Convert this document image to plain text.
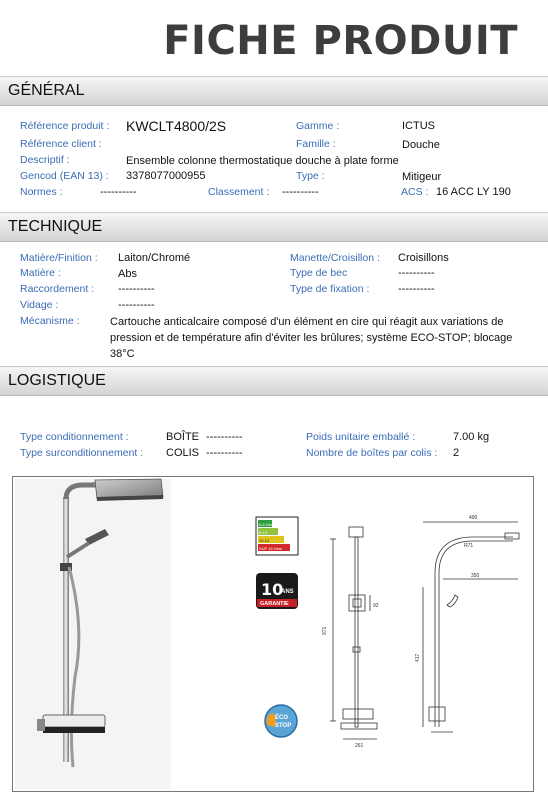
FICHE PRODUIT
GÉNÉRAL
Référence produit : KWCLT4800/2S	Gamme :	ICTUS
Référence client :	Famille :	Douche
Descriptif :	Ensemble colonne thermostatique douche à plate forme
Gencod (EAN 13) : 3378077000955	Type :	Mitigeur
Normes :	----------	Classement : ----------	ACS : 16 ACC LY 190
TECHNIQUE
Matière/Finition : Laiton/Chromé	Manette/Croisillon : Croisillons
Matière :	Abs	Type de bec	----------
Raccordement : ----------	Type de fixation :	----------
Vidage :	----------
Mécanisme :	Cartouche anticalcaire composé d'un élément en cire qui réagit aux variations de pression et de température afin d'éviter les brûlures; système ECO-STOP; blocage 38°C
LOGISTIQUE
Type conditionnement :	BOÎTE ----------	Poids unitaire emballé :	7.00 kg
Type surconditionnement : COLIS ----------	Nombre de boîtes par colis : 2
6-8 l/min
8-10
10-12
SUP 16 l/min
10
ANS
GARANTIE
ÉCO
STOP
971
92
261
490
R71
350
417
